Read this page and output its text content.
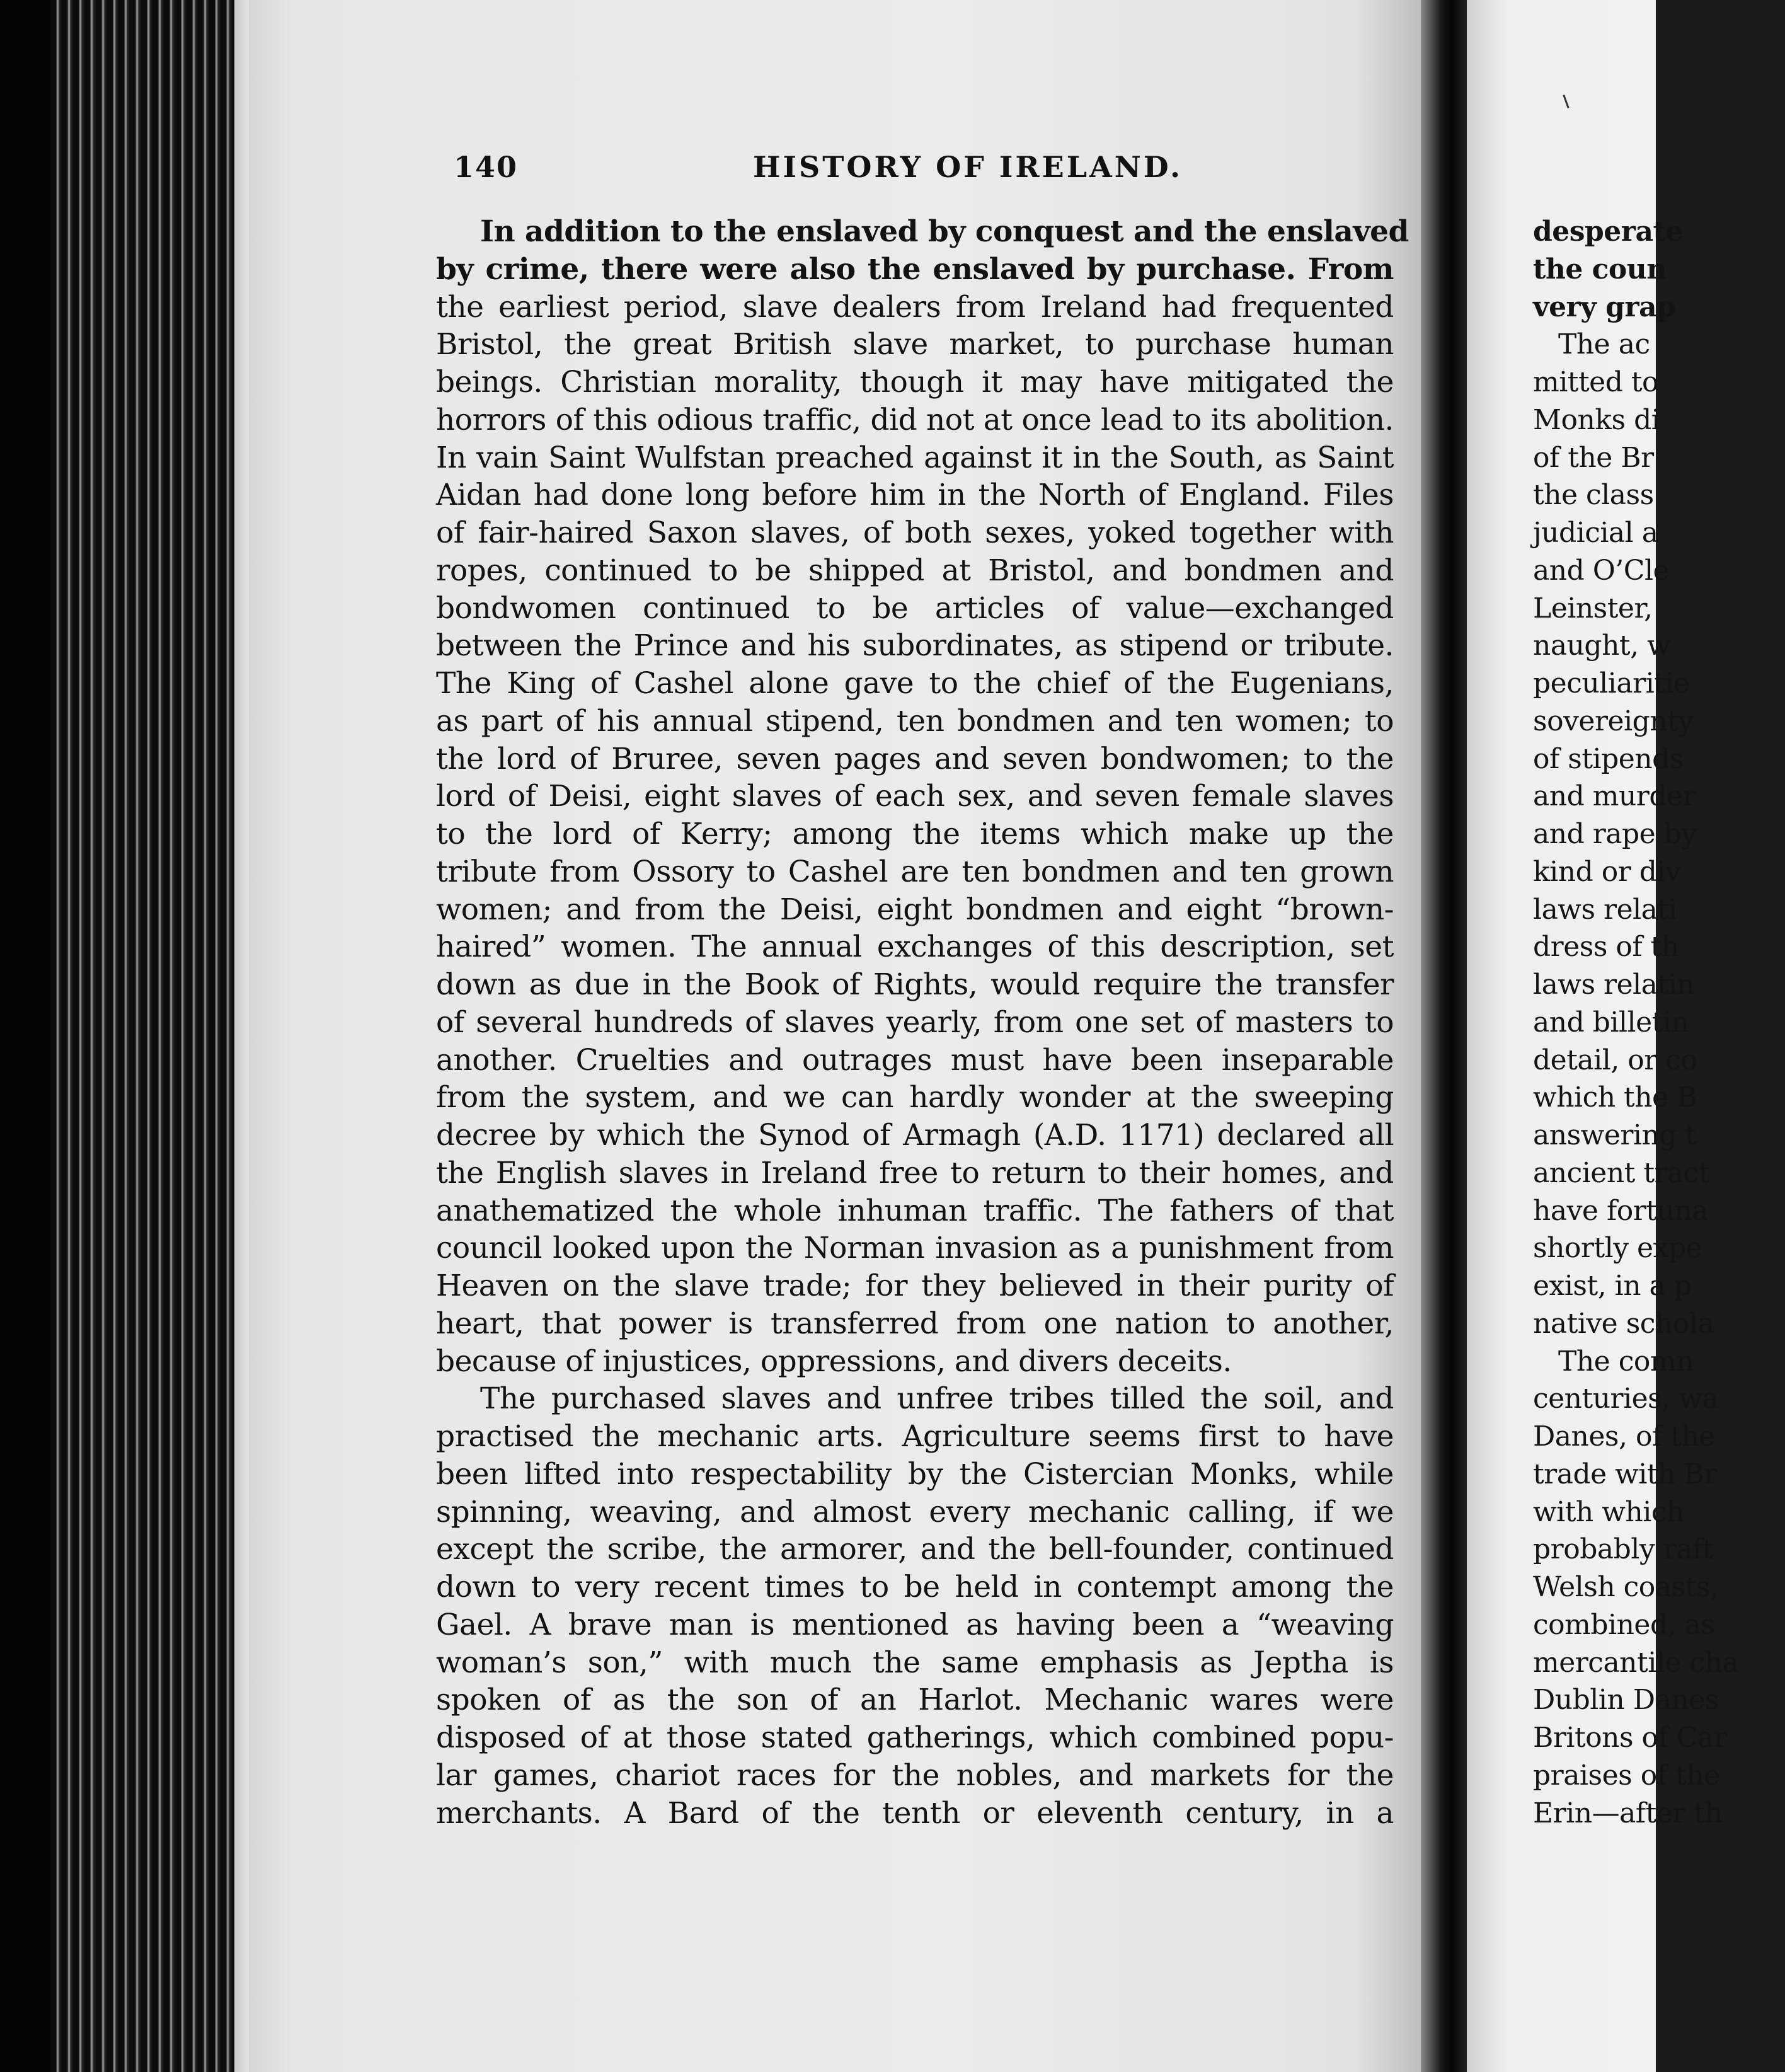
140	HISTORY OF IRELAND.
In addition to the enslaved by conquest and the enslaved
by crime, there were also the enslaved by purchase. From
the earliest period, slave dealers from Ireland had frequented
Bristol, the great British slave market, to purchase human
beings. Christian morality, though it may have mitigated the
horrors of this odious traffic, did not at once lead to its abolition.
In vain Saint Wulfstan preached against it in the South, as Saint
Aidan had done long before him in the North of England. Files
of fair-haired Saxon slaves, of both sexes, yoked together with
ropes, continued to be shipped at Bristol, and bondmen and
bondwomen continued to be articles of value—exchanged
between the Prince and his subordinates, as stipend or tribute.
The King of Cashel alone gave to the chief of the Eugenians,
as part of his annual stipend, ten bondmen and ten women; to
the lord of Bruree, seven pages and seven bondwomen; to the
lord of Deisi, eight slaves of each sex, and seven female slaves
to the lord of Kerry; among the items which make up the
tribute from Ossory to Cashel are ten bondmen and ten grown
women; and from the Deisi, eight bondmen and eight “brown-
haired” women. The annual exchanges of this description, set
down as due in the Book of Rights, would require the transfer
of several hundreds of slaves yearly, from one set of masters to
another. Cruelties and outrages must have been inseparable
from the system, and we can hardly wonder at the sweeping
decree by which the Synod of Armagh (A.D. 1171) declared all
the English slaves in Ireland free to return to their homes, and
anathematized the whole inhuman traffic. The fathers of that
council looked upon the Norman invasion as a punishment from
Heaven on the slave trade; for they believed in their purity of
heart, that power is transferred from one nation to another,
because of injustices, oppressions, and divers deceits.
The purchased slaves and unfree tribes tilled the soil, and
practised the mechanic arts. Agriculture seems first to have
been lifted into respectability by the Cistercian Monks, while
spinning, weaving, and almost every mechanic calling, if we
except the scribe, the armorer, and the bell-founder, continued
down to very recent times to be held in contempt among the
Gael. A brave man is mentioned as having been a “weaving
woman’s son,” with much the same emphasis as Jeptha is
spoken of as the son of an Harlot. Mechanic wares were
disposed of at those stated gatherings, which combined popu-
lar games, chariot races for the nobles, and markets for the
merchants. A Bard of the tenth or eleventh century, in a
desperate
the coun
very grap
The ac
mitted to
Monks di
of the Br
the class
judicial a
and O’Cle
Leinster,
naught, w
peculiaritie
sovereignty
of stipends
and murder
and rape by
kind or div
laws relati
dress of th
laws relatin
and billetin
detail, or co
which the B
answering t
ancient tract
have fortuna
shortly expe
exist, in a p
native schola
The comn
centuries, wa
Danes, of the
trade with Br
with which
probably raft
Welsh coasts,
combined, as
mercantile cha
Dublin Danes
Britons of Car
praises of the
Erin—after th
